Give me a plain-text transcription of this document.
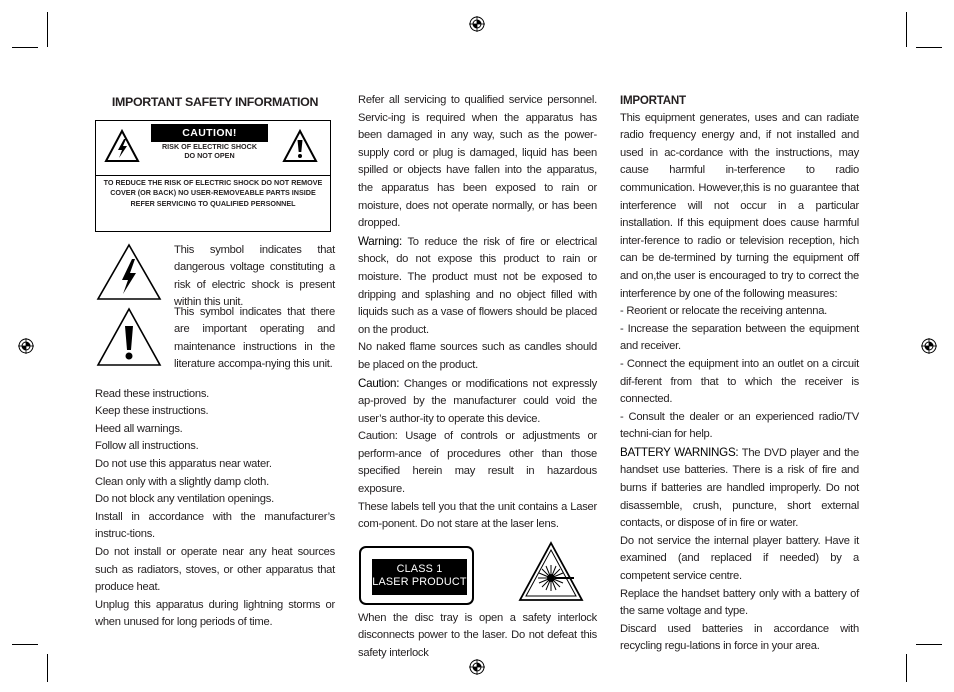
IMPORTANT SAFETY INFORMATION

CAUTION!
RISK OF ELECTRIC SHOCK
DO NOT OPEN
TO REDUCE THE RISK OF ELECTRIC SHOCK DO NOT REMOVE
COVER (OR BACK) NO USER-REMOVEABLE PARTS INSIDE
REFER SERVICING TO QUALIFIED PERSONNEL

This symbol indicates that dangerous voltage constituting a risk of electric shock is present within this unit.

This symbol indicates that there are important operating and maintenance instructions in the literature accompa-nying this unit.

Read these instructions.

Keep these instructions.

Heed all warnings.

Follow all instructions.

Do not use this apparatus near water.

Clean only with a slightly damp cloth.

Do not block any ventilation openings.

Install in accordance with the manufacturer’s instruc-tions.

Do not install or operate near any heat sources such as radiators, stoves, or other apparatus that produce heat.

Unplug this apparatus during lightning storms or when unused for long periods of time.

Refer all servicing to qualified service personnel. Servic-ing is required when the apparatus has been damaged in any way, such as the power-supply cord or plug is damaged, liquid has been spilled or objects have fallen into the apparatus, the apparatus has been exposed to rain or moisture, does not operate normally, or has been dropped.

Warning: To reduce the risk of fire or electrical shock, do not expose this product to rain or moisture. The product must not be exposed to dripping and splashing and no object filled with liquids such as a vase of flowers should be placed on the product.

No naked flame sources such as candles should be placed on the product.

Caution: Changes or modifications not expressly ap-proved by the manufacturer could void the user’s author-ity to operate this device.

Caution: Usage of controls or adjustments or perform-ance of procedures other than those specified herein may result in hazardous exposure.

These labels tell you that the unit contains a Laser com-ponent. Do not stare at the laser lens.

CLASS 1
LASER PRODUCT

When the disc tray is open a safety interlock disconnects power to the laser. Do not defeat this safety interlock

IMPORTANT

This equipment generates, uses and can radiate radio frequency energy and, if not installed and used in ac-cordance with the instructions, may cause harmful in-terference to radio communication. However,this is no guarantee that interference will not occur in a particular installation. If this equipment does cause harmful inter-ference to radio or television reception, hich can be de-termined by turning the equipment off and on,the user is encouraged to try to correct the interference by one of the following measures:

- Reorient or relocate the receiving antenna.

- Increase the separation between the equipment and receiver.

- Connect the equipment into an outlet on a circuit dif-ferent from that to which the receiver is connected.

- Consult the dealer or an experienced radio/TV techni-cian for help.

BATTERY WARNINGS: The DVD player and the handset use batteries. There is a risk of fire and burns if batteries are handled improperly. Do not disassemble, crush, puncture, short external contacts, or dispose of in fire or water.

Do not service the internal player battery. Have it examined (and replaced if needed) by a competent service centre.

Replace the handset battery only with a battery of the same voltage and type.

Discard used batteries in accordance with recycling regu-lations in force in your area.
